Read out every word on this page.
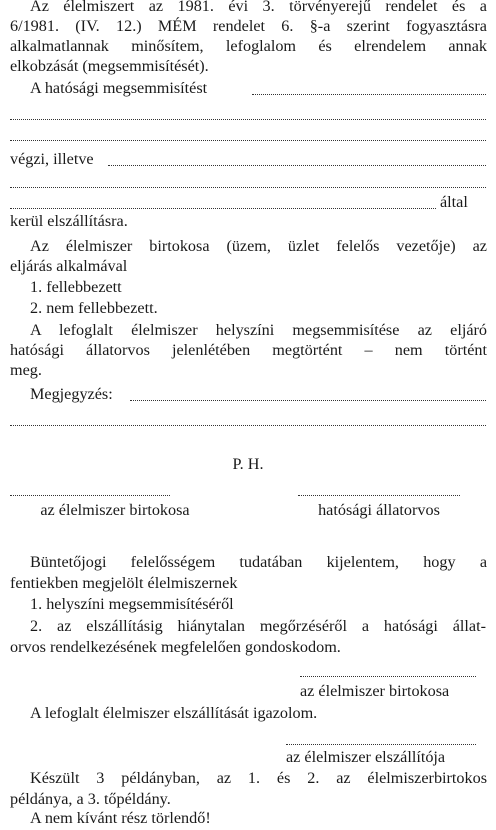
Az élelmiszert az 1981. évi 3. törvényerejű rendelet és a
6/1981. (IV. 12.) MÉM rendelet 6. §-a szerint fogyasztásra
alkalmatlannak minősítem, lefoglalom és elrendelem annak
elkobzását (megsemmisítését).
A hatósági megsemmisítést
végzi, illetve
által
kerül elszállításra.
Az élelmiszer birtokosa (üzem, üzlet felelős vezetője) az
eljárás alkalmával
1. fellebbezett
2. nem fellebbezett.
A lefoglalt élelmiszer helyszíni megsemmisítése az eljáró
hatósági állatorvos jelenlétében megtörtént – nem történt
meg.
Megjegyzés:
P. H.
az élelmiszer birtokosa	hatósági állatorvos
Büntetőjogi felelősségem tudatában kijelentem, hogy a
fentiekben megjelölt élelmiszernek
1. helyszíni megsemmisítéséről
2. az elszállításig hiánytalan megőrzéséről a hatósági állat-
orvos rendelkezésének megfelelően gondoskodom.
az élelmiszer birtokosa
A lefoglalt élelmiszer elszállítását igazolom.
az élelmiszer elszállítója
Készült 3 példányban, az 1. és 2. az élelmiszerbirtokos
példánya, a 3. tőpéldány.
A nem kívánt rész törlendő!
